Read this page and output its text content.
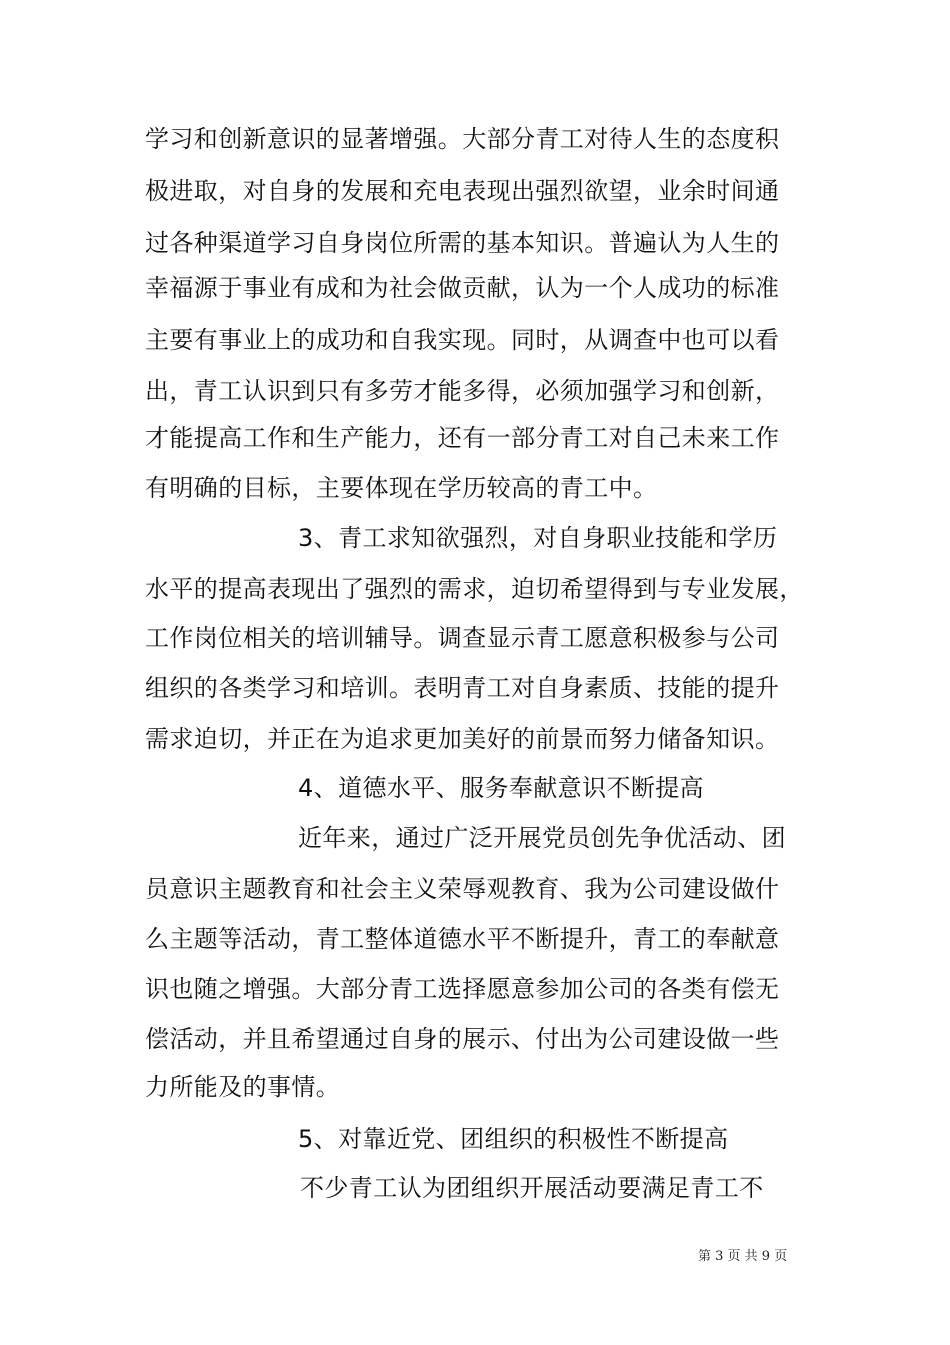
学习和创新意识的显著增强。大部分青工对待人生的态度积
极进取，对自身的发展和充电表现出强烈欲望，业余时间通
过各种渠道学习自身岗位所需的基本知识。普遍认为人生的
幸福源于事业有成和为社会做贡献，认为一个人成功的标准
主要有事业上的成功和自我实现。同时，从调查中也可以看
出，青工认识到只有多劳才能多得，必须加强学习和创新，
才能提高工作和生产能力，还有一部分青工对自己未来工作
有明确的目标，主要体现在学历较高的青工中。
3、青工求知欲强烈，对自身职业技能和学历
水平的提高表现出了强烈的需求，迫切希望得到与专业发展，
工作岗位相关的培训辅导。调查显示青工愿意积极参与公司
组织的各类学习和培训。表明青工对自身素质、技能的提升
需求迫切，并正在为追求更加美好的前景而努力储备知识。
4、道德水平、服务奉献意识不断提高
近年来，通过广泛开展党员创先争优活动、团
员意识主题教育和社会主义荣辱观教育、我为公司建设做什
么主题等活动，青工整体道德水平不断提升，青工的奉献意
识也随之增强。大部分青工选择愿意参加公司的各类有偿无
偿活动，并且希望通过自身的展示、付出为公司建设做一些
力所能及的事情。
5、对靠近党、团组织的积极性不断提高
不少青工认为团组织开展活动要满足青工不
第 3 页 共 9 页
